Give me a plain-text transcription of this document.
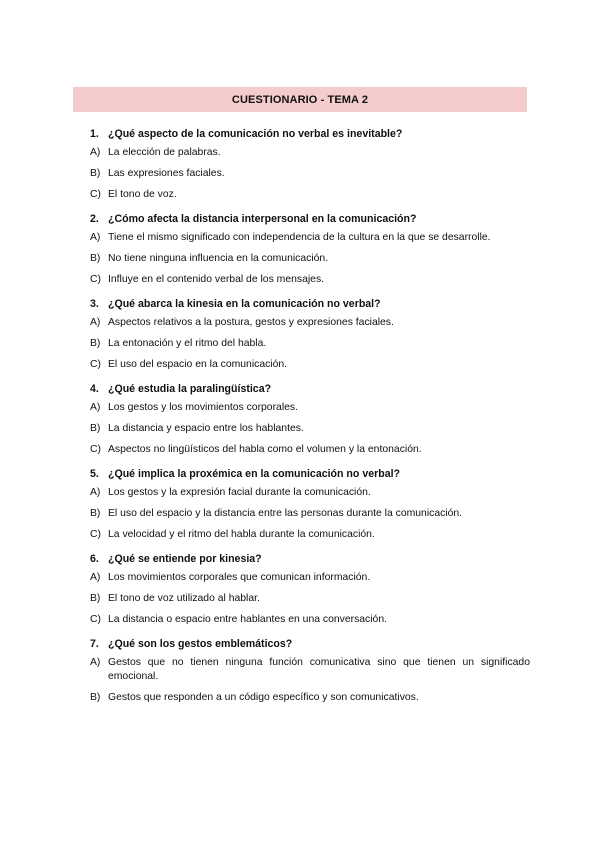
CUESTIONARIO - TEMA 2
1. ¿Qué aspecto de la comunicación no verbal es inevitable?
A) La elección de palabras.
B) Las expresiones faciales.
C) El tono de voz.
2. ¿Cómo afecta la distancia interpersonal en la comunicación?
A) Tiene el mismo significado con independencia de la cultura en la que se desarrolle.
B) No tiene ninguna influencia en la comunicación.
C) Influye en el contenido verbal de los mensajes.
3. ¿Qué abarca la kinesia en la comunicación no verbal?
A) Aspectos relativos a la postura, gestos y expresiones faciales.
B) La entonación y el ritmo del habla.
C) El uso del espacio en la comunicación.
4. ¿Qué estudia la paralingüística?
A) Los gestos y los movimientos corporales.
B) La distancia y espacio entre los hablantes.
C) Aspectos no lingüísticos del habla como el volumen y la entonación.
5. ¿Qué implica la proxémica en la comunicación no verbal?
A) Los gestos y la expresión facial durante la comunicación.
B) El uso del espacio y la distancia entre las personas durante la comunicación.
C) La velocidad y el ritmo del habla durante la comunicación.
6. ¿Qué se entiende por kinesia?
A) Los movimientos corporales que comunican información.
B) El tono de voz utilizado al hablar.
C) La distancia o espacio entre hablantes en una conversación.
7. ¿Qué son los gestos emblemáticos?
A) Gestos que no tienen ninguna función comunicativa sino que tienen un significado emocional.
B) Gestos que responden a un código específico y son comunicativos.
